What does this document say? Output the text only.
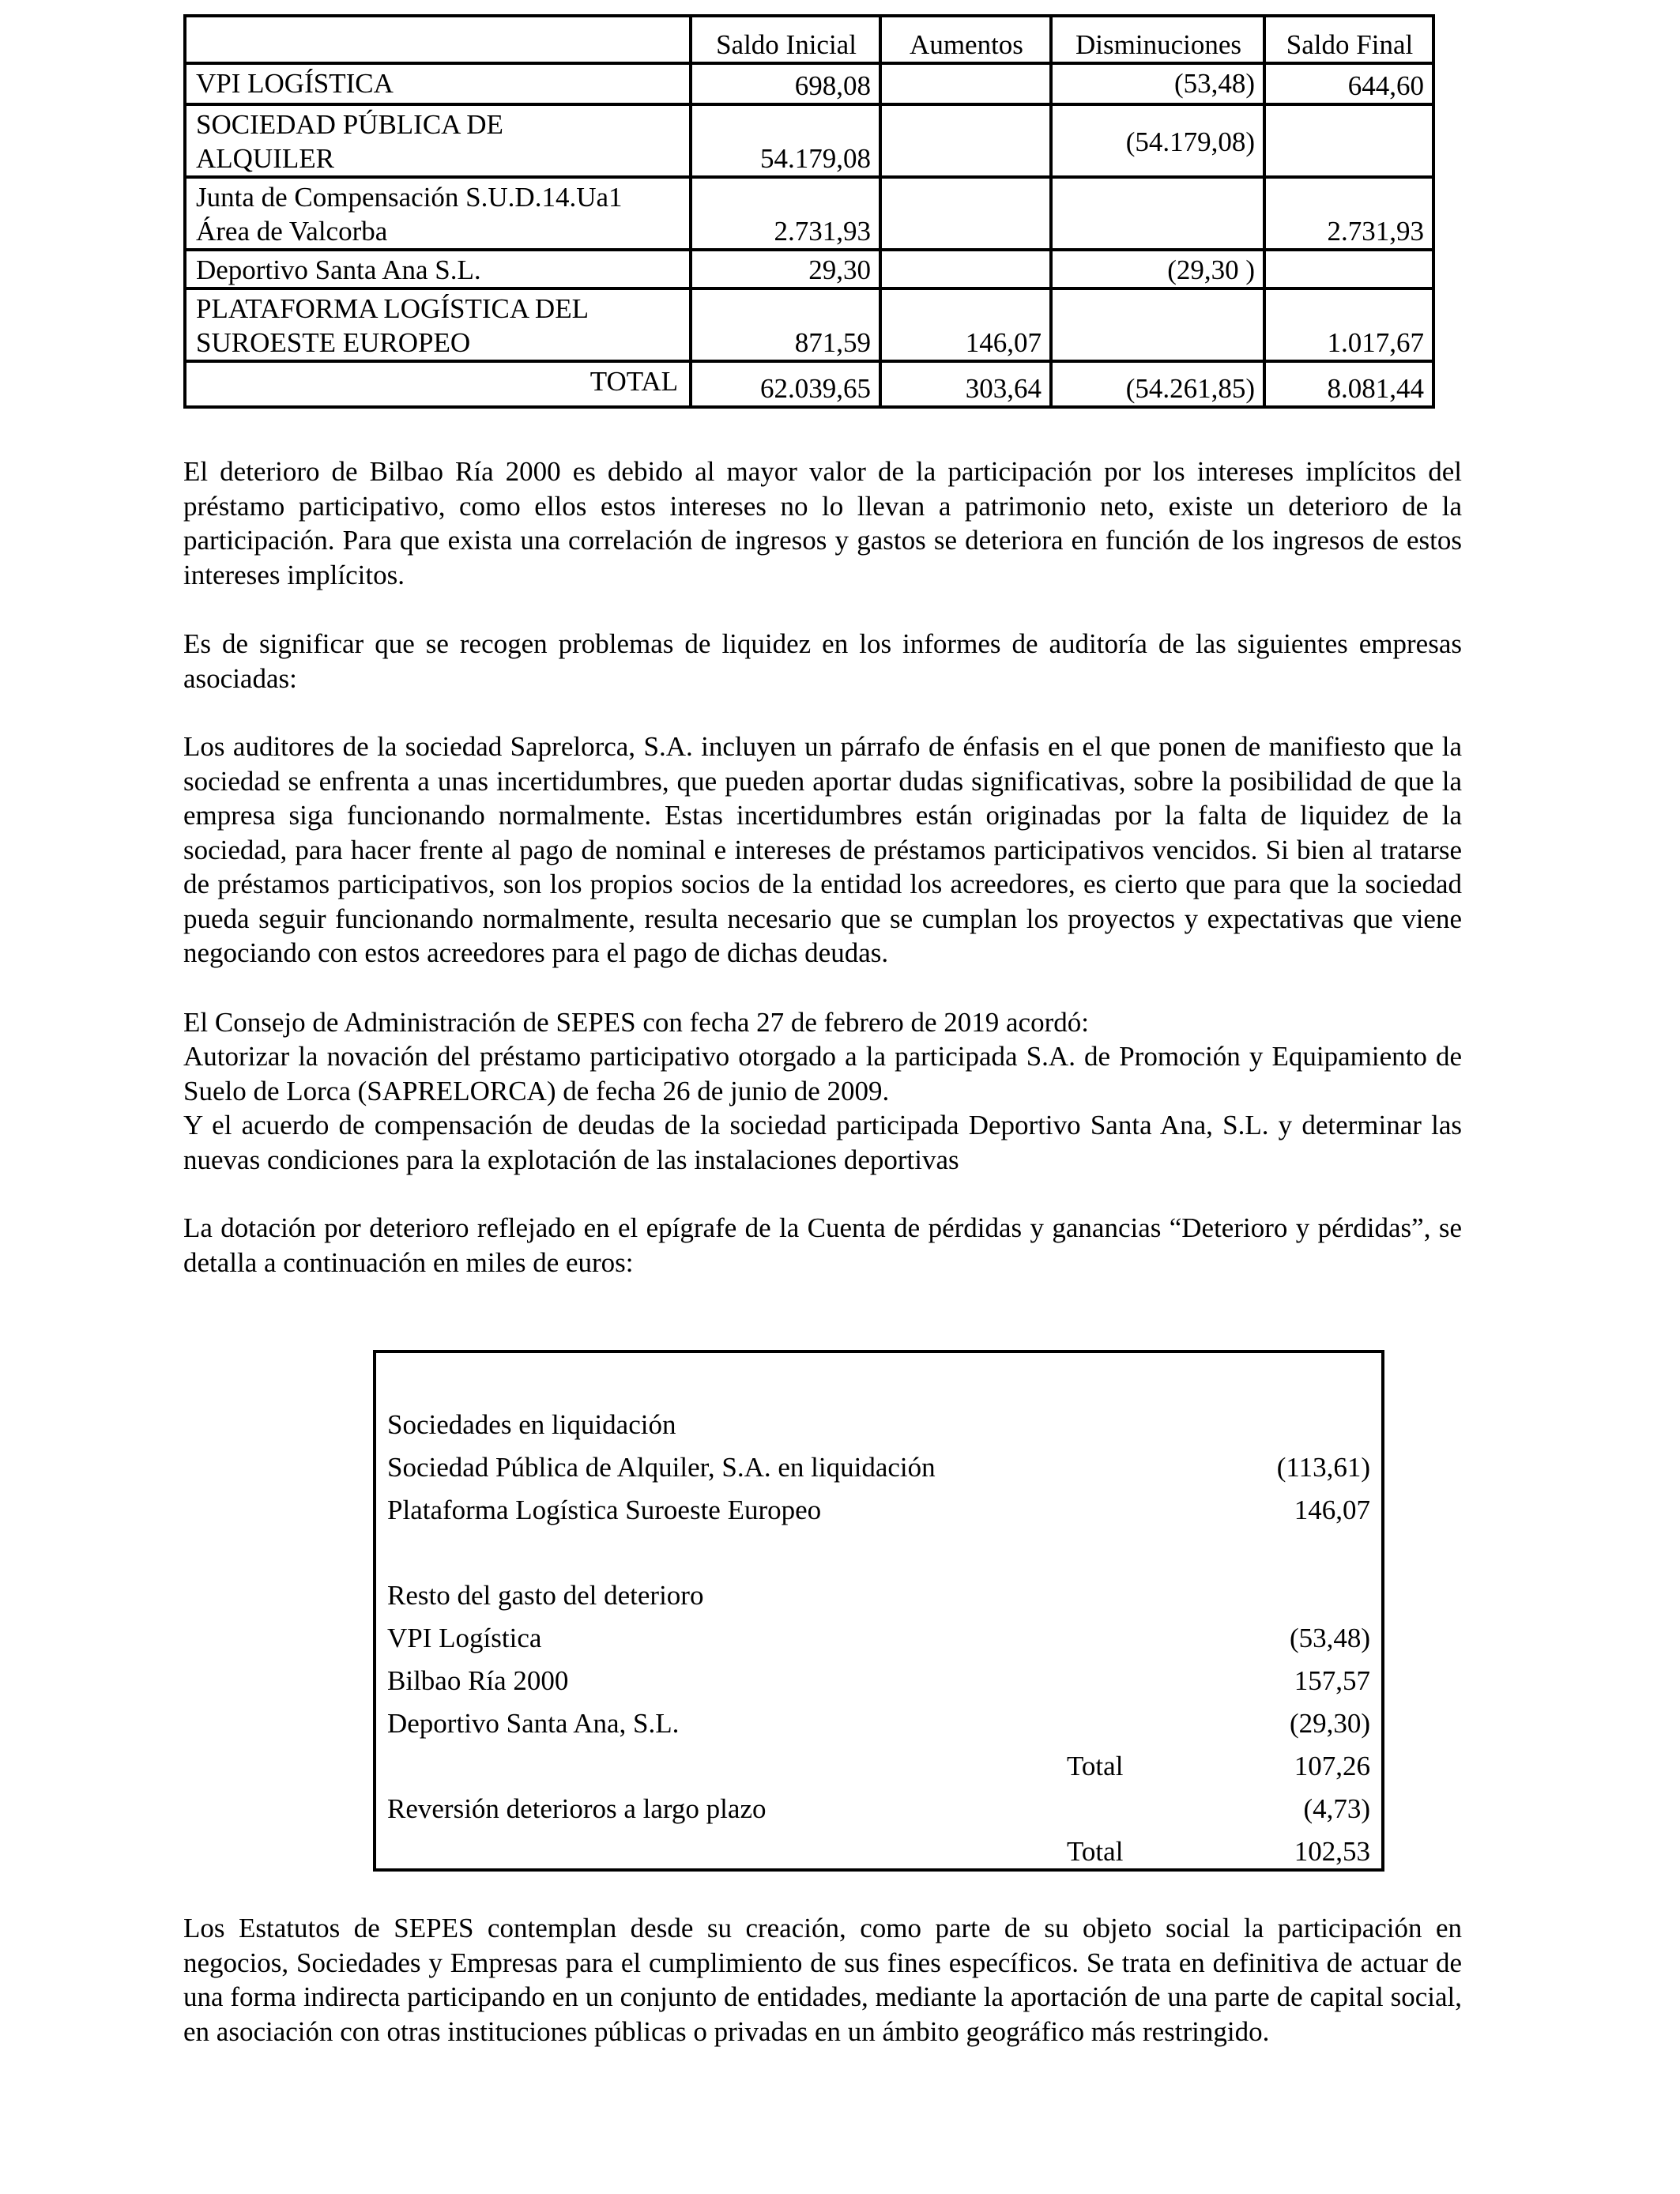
	Saldo Inicial	Aumentos	Disminuciones	Saldo Final
VPI LOGÍSTICA	698,08		(53,48)	644,60

SOCIEDAD PÚBLICA DE
ALQUILER	54.179,08		(54.179,08)	

Junta de Compensación S.U.D.14.Ua1
Área de Valcorba	2.731,93			2.731,93
Deportivo Santa Ana S.L.	29,30		(29,30 )	

PLATAFORMA LOGÍSTICA DEL
SUROESTE EUROPEO	871,59	146,07		1.017,67
TOTAL	62.039,65	303,64	(54.261,85)	8.081,44

El deterioro de Bilbao Ría 2000 es debido al mayor valor de la participación por los intereses implícitos del préstamo participativo, como ellos estos intereses no lo llevan a patrimonio neto, existe un deterioro de la participación. Para que exista una correlación de ingresos y gastos se deteriora en función de los ingresos de estos intereses implícitos.

Es de significar que se recogen problemas de liquidez en los informes de auditoría de las siguientes empresas asociadas:

Los auditores de la sociedad Saprelorca, S.A. incluyen un párrafo de énfasis en el que ponen de manifiesto que la sociedad se enfrenta a unas incertidumbres, que pueden aportar dudas significativas, sobre la posibilidad de que la empresa siga funcionando normalmente. Estas incertidumbres están originadas por la falta de liquidez de la sociedad, para hacer frente al pago de nominal e intereses de préstamos participativos vencidos. Si bien al tratarse de préstamos participativos, son los propios socios de la entidad los acreedores, es cierto que para que la sociedad pueda seguir funcionando normalmente, resulta necesario que se cumplan los proyectos y expectativas que viene negociando con estos acreedores para el pago de dichas deudas.

El Consejo de Administración de SEPES con fecha 27 de febrero de 2019 acordó:

Autorizar la novación del préstamo participativo otorgado a la participada S.A. de Promoción y Equipamiento de Suelo de Lorca (SAPRELORCA) de fecha 26 de junio de 2009.

Y el acuerdo de compensación de deudas de la sociedad participada Deportivo Santa Ana, S.L. y determinar las nuevas condiciones para la explotación de las instalaciones deportivas

La dotación por deterioro reflejado en el epígrafe de la Cuenta de pérdidas y ganancias “Deterioro y pérdidas”, se detalla a continuación en miles de euros:

Sociedades en liquidación
Sociedad Pública de Alquiler, S.A. en liquidación	(113,61)
Plataforma Logística Suroeste Europeo	146,07
Resto del gasto del deterioro
VPI Logística	(53,48)
Bilbao Ría 2000	157,57
Deportivo Santa Ana, S.L.	(29,30)
Total	107,26
Reversión deterioros a largo plazo	(4,73)
Total	102,53

Los Estatutos de SEPES contemplan desde su creación, como parte de su objeto social la participación en negocios, Sociedades y Empresas para el cumplimiento de sus fines específicos. Se trata en definitiva de actuar de una forma indirecta participando en un conjunto de entidades, mediante la aportación de una parte de capital social, en asociación con otras instituciones públicas o privadas en un ámbito geográfico más restringido.
